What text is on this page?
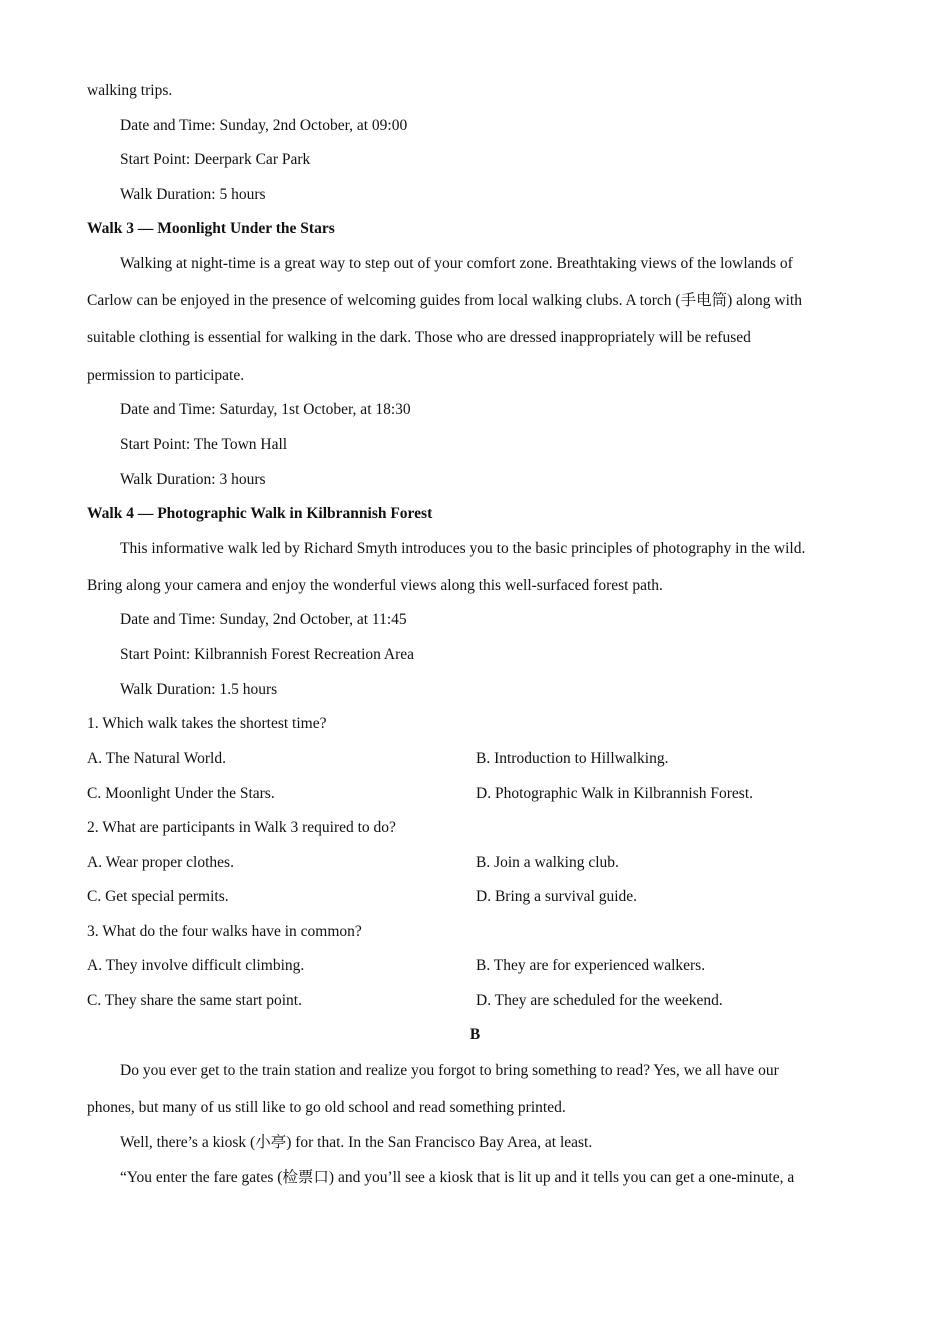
walking trips.
Date and Time: Sunday, 2nd October, at 09:00
Start Point: Deerpark Car Park
Walk Duration: 5 hours
Walk 3 — Moonlight Under the Stars
Walking at night-time is a great way to step out of your comfort zone. Breathtaking views of the lowlands of
Carlow can be enjoyed in the presence of welcoming guides from local walking clubs. A torch (手电筒) along with
suitable clothing is essential for walking in the dark. Those who are dressed inappropriately will be refused
permission to participate.
Date and Time: Saturday, 1st October, at 18:30
Start Point: The Town Hall
Walk Duration: 3 hours
Walk 4 — Photographic Walk in Kilbrannish Forest
This informative walk led by Richard Smyth introduces you to the basic principles of photography in the wild.
Bring along your camera and enjoy the wonderful views along this well-surfaced forest path.
Date and Time: Sunday, 2nd October, at 11:45
Start Point: Kilbrannish Forest Recreation Area
Walk Duration: 1.5 hours
1. Which walk takes the shortest time?
A. The Natural World.	B. Introduction to Hillwalking.
C. Moonlight Under the Stars.	D. Photographic Walk in Kilbrannish Forest.
2. What are participants in Walk 3 required to do?
A. Wear proper clothes.	B. Join a walking club.
C. Get special permits.	D. Bring a survival guide.
3. What do the four walks have in common?
A. They involve difficult climbing.	B. They are for experienced walkers.
C. They share the same start point.	D. They are scheduled for the weekend.
B
Do you ever get to the train station and realize you forgot to bring something to read? Yes, we all have our
phones, but many of us still like to go old school and read something printed.
Well, there’s a kiosk (小亭) for that. In the San Francisco Bay Area, at least.
“You enter the fare gates (检票口) and you’ll see a kiosk that is lit up and it tells you can get a one-minute, a
